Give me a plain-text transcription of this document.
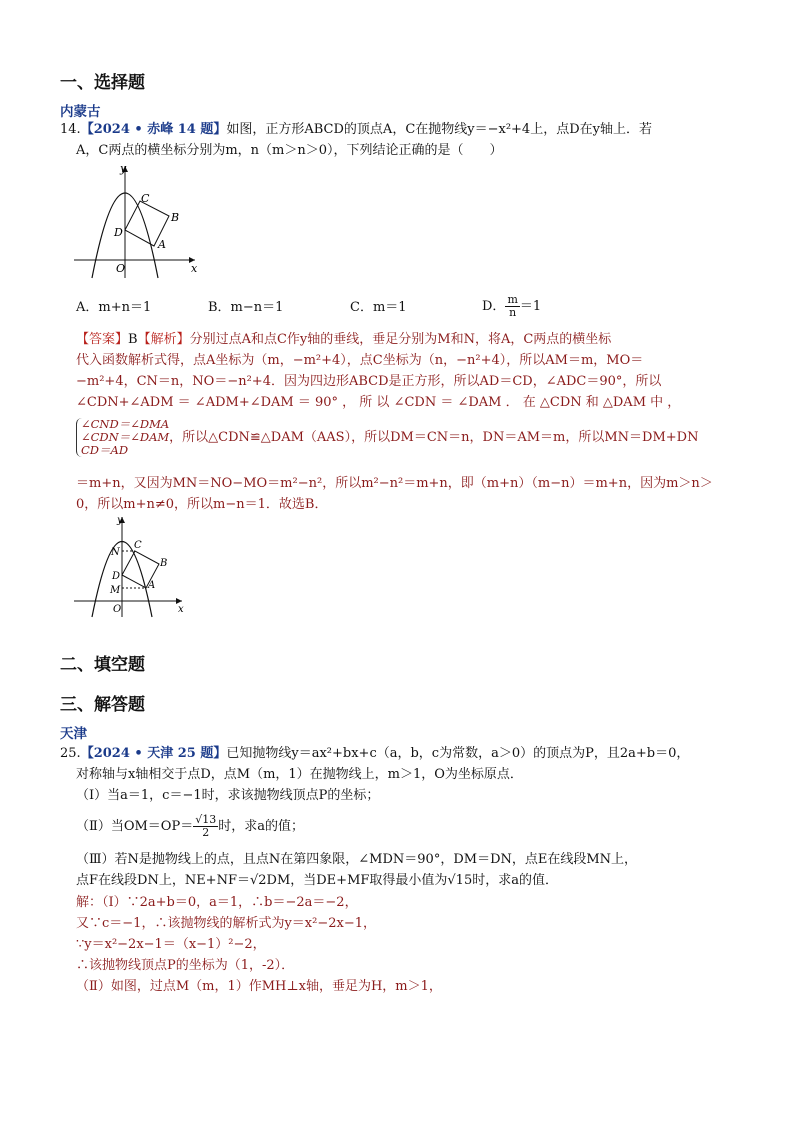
一、选择题
内蒙古
14.【2024 • 赤峰 14 题】如图，正方形ABCD的顶点A，C在抛物线y＝−x²+4上，点D在y轴上．若
A，C两点的横坐标分别为m，n（m＞n＞0），下列结论正确的是（　　）
y
x
O
A
B
C
D
A．m+n＝1	B．m−n＝1	C．m＝1	D． $\frac{m}{n} =1$
【答案】B【解析】分别过点A和点C作y轴的垂线，垂足分别为M和N，将A，C两点的横坐标
代入函数解析式得，点A坐标为（m，−m²+4），点C坐标为（n，−n²+4），所以AM＝m，MO＝
−m²+4，CN＝n，NO＝−n²+4．因为四边形ABCD是正方形，所以AD＝CD，∠ADC＝90°，所以
∠CDN+∠ADM ＝ ∠ADM+∠DAM ＝ 90° ， 所 以 ∠CDN ＝ ∠DAM ． 在 △CDN 和 △DAM 中 ，
∠CND＝∠DMA
∠CDN＝∠DAM
CD＝AD
，所以△CDN≌△DAM（AAS），所以DM＝CN＝n，DN＝AM＝m，所以MN＝DM+DN
＝m+n，又因为MN＝NO−MO＝m²−n²，所以m²−n²＝m+n，即（m+n）（m−n）＝m+n，因为m＞n＞
0，所以m+n≠0，所以m−n＝1．故选B．
y
x
O
A
B
C
D
M
N
二、填空题
三、解答题
天津
25.【2024 • 天津 25 题】已知抛物线y＝ax²+bx+c（a，b，c为常数，a＞0）的顶点为P，且2a+b＝0，
对称轴与x轴相交于点D，点M（m，1）在抛物线上，m＞1，O为坐标原点．
（I）当a＝1，c＝−1时，求该抛物线顶点P的坐标；
（Ⅱ）当$OM=OP= \frac{√13}{2}$ 时，求a的值；
（Ⅲ）若N是抛物线上的点，且点N在第四象限，∠MDN＝90°，DM＝DN，点E在线段MN上，
点F在线段DN上，NE+NF＝√2DM，当DE+MF取得最小值为√15时，求a的值．
解：（I）∵2a+b＝0，a＝1，∴b＝−2a＝−2，
又∵c＝−1，∴该抛物线的解析式为y＝x²−2x−1，
∵y＝x²−2x−1＝（x−1）²−2，
∴该抛物线顶点P的坐标为（1，-2）．
（Ⅱ）如图，过点M（m，1）作MH⊥x轴，垂足为H，m＞1，
